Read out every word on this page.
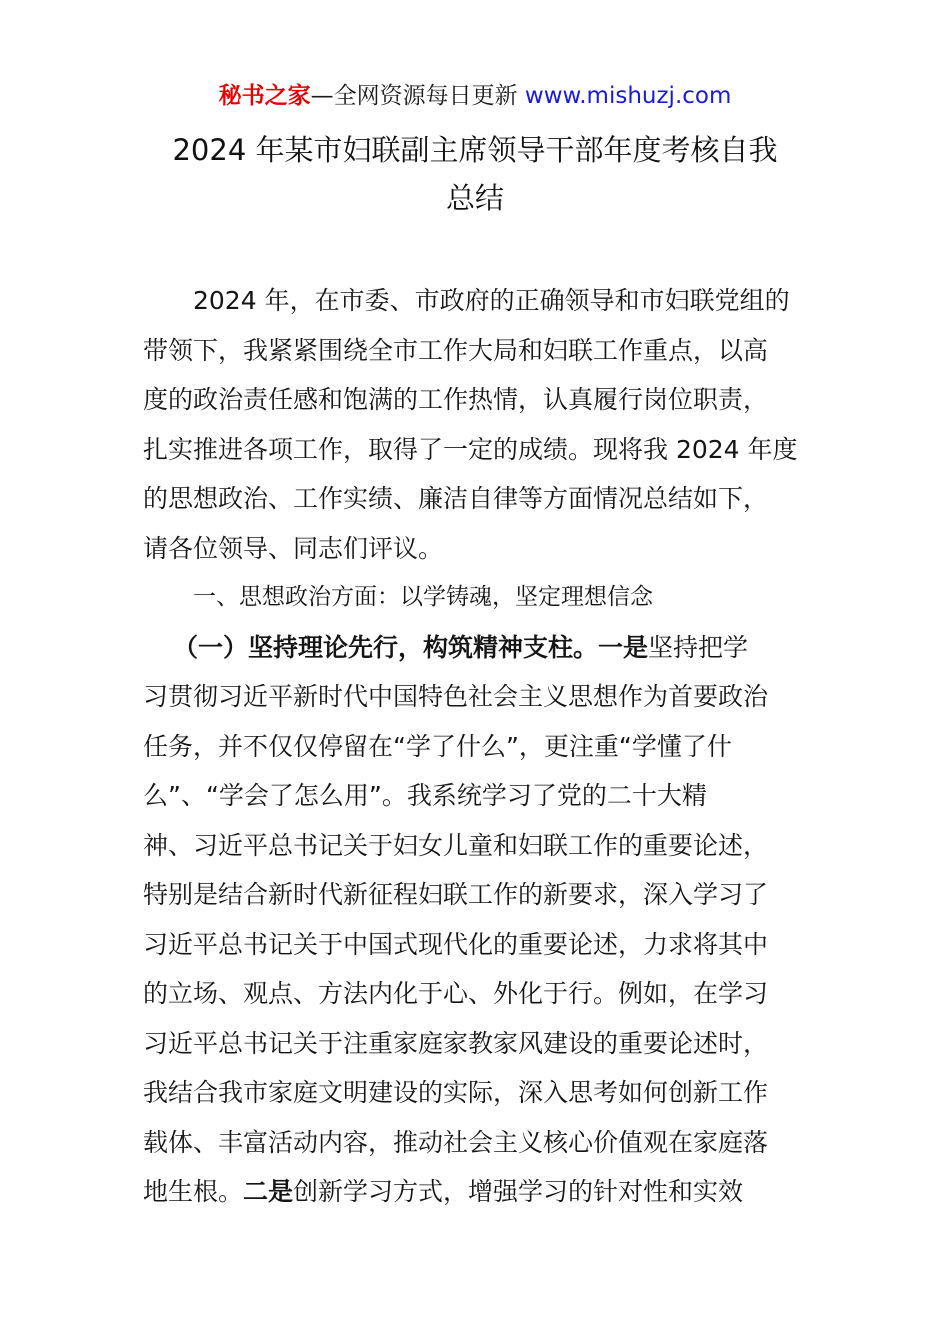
秘书之家—全网资源每日更新 www.mishuzj.com
2024 年某市妇联副主席领导干部年度考核自我
总结
2024 年，在市委、市政府的正确领导和市妇联党组的
带领下，我紧紧围绕全市工作大局和妇联工作重点，以高
度的政治责任感和饱满的工作热情，认真履行岗位职责，
扎实推进各项工作，取得了一定的成绩。现将我 2024 年度
的思想政治、工作实绩、廉洁自律等方面情况总结如下，
请各位领导、同志们评议。
一、思想政治方面：以学铸魂，坚定理想信念
（一）坚持理论先行，构筑精神支柱。一是坚持把学
习贯彻习近平新时代中国特色社会主义思想作为首要政治
任务，并不仅仅停留在“学了什么”，更注重“学懂了什
么”、“学会了怎么用”。我系统学习了党的二十大精
神、习近平总书记关于妇女儿童和妇联工作的重要论述，
特别是结合新时代新征程妇联工作的新要求，深入学习了
习近平总书记关于中国式现代化的重要论述，力求将其中
的立场、观点、方法内化于心、外化于行。例如，在学习
习近平总书记关于注重家庭家教家风建设的重要论述时，
我结合我市家庭文明建设的实际，深入思考如何创新工作
载体、丰富活动内容，推动社会主义核心价值观在家庭落
地生根。二是创新学习方式，增强学习的针对性和实效
